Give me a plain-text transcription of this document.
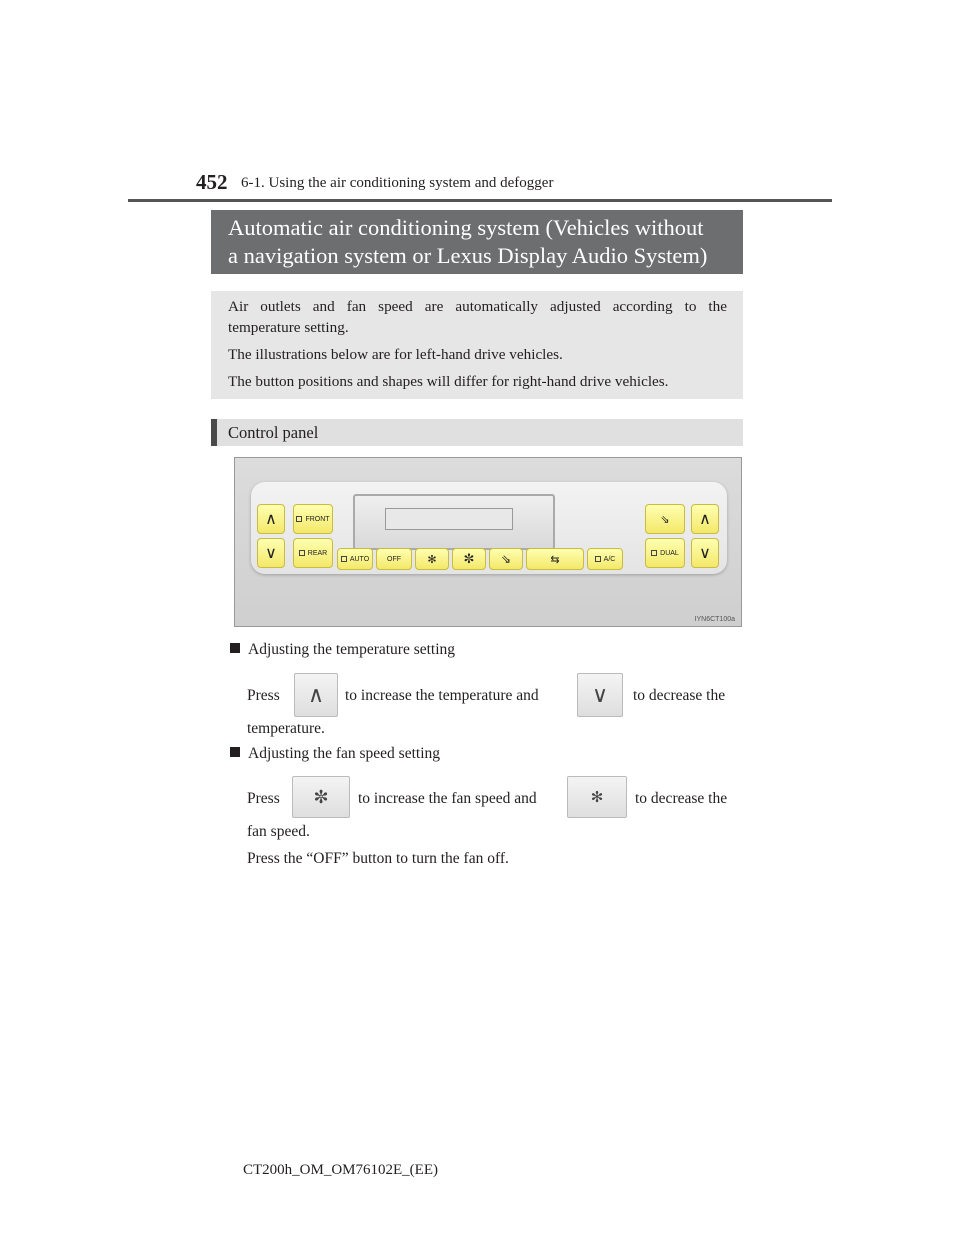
452 6-1. Using the air conditioning system and defogger
Automatic air conditioning system (Vehicles without
a navigation system or Lexus Display Audio System)

Air outlets and fan speed are automatically adjusted according to the

temperature setting.

The illustrations below are for left-hand drive vehicles.

The button positions and shapes will differ for right-hand drive vehicles.

Control panel
∧
∨
FRONT
REAR
AUTO	OFF	✻	✼	⇘	⇆	A/C
⇘
DUAL
∧
∨
IYN6CT100a
Adjusting the temperature setting
Press	∧	to increase the temperature and	∨	to decrease the
temperature.
Adjusting the fan speed setting
Press	✼	to increase the fan speed and	✻	to decrease the
fan speed.
Press the “OFF” button to turn the fan off.
CT200h_OM_OM76102E_(EE)
